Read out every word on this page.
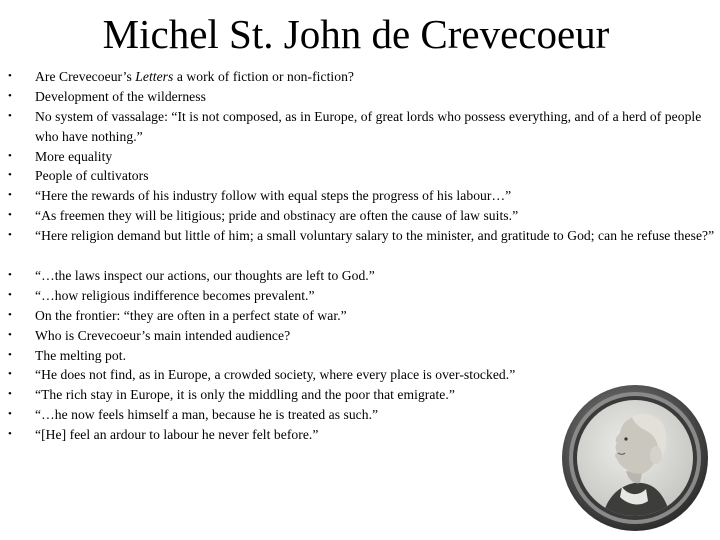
Michel St. John de Crevecoeur
• Are Crevecoeur’s Letters a work of fiction or non-fiction?
• Development of the wilderness
• No system of vassalage: “It is not composed, as in Europe, of great lords who possess everything, and of a herd of people who have nothing.”
• More equality
• People of cultivators
• “Here the rewards of his industry follow with equal steps the progress of his labour…”
• “As freemen they will be litigious; pride and obstinacy are often the cause of law suits.”
• “Here religion demand but little of him; a small voluntary salary to the minister, and gratitude to God; can he refuse these?”
• “…the laws inspect our actions, our thoughts are left to God.”
• “…how religious indifference becomes prevalent.”
• On the frontier: “they are often in a perfect state of war.”
• Who is Crevecoeur’s main intended audience?
• The melting pot.
• “He does not find, as in Europe, a crowded society, where every place is over-stocked.”
• “The rich stay in Europe, it is only the middling and the poor that emigrate.”
• “…he now feels himself a man, because he is treated as such.”
• “[He] feel an ardour to labour he never felt before.”
